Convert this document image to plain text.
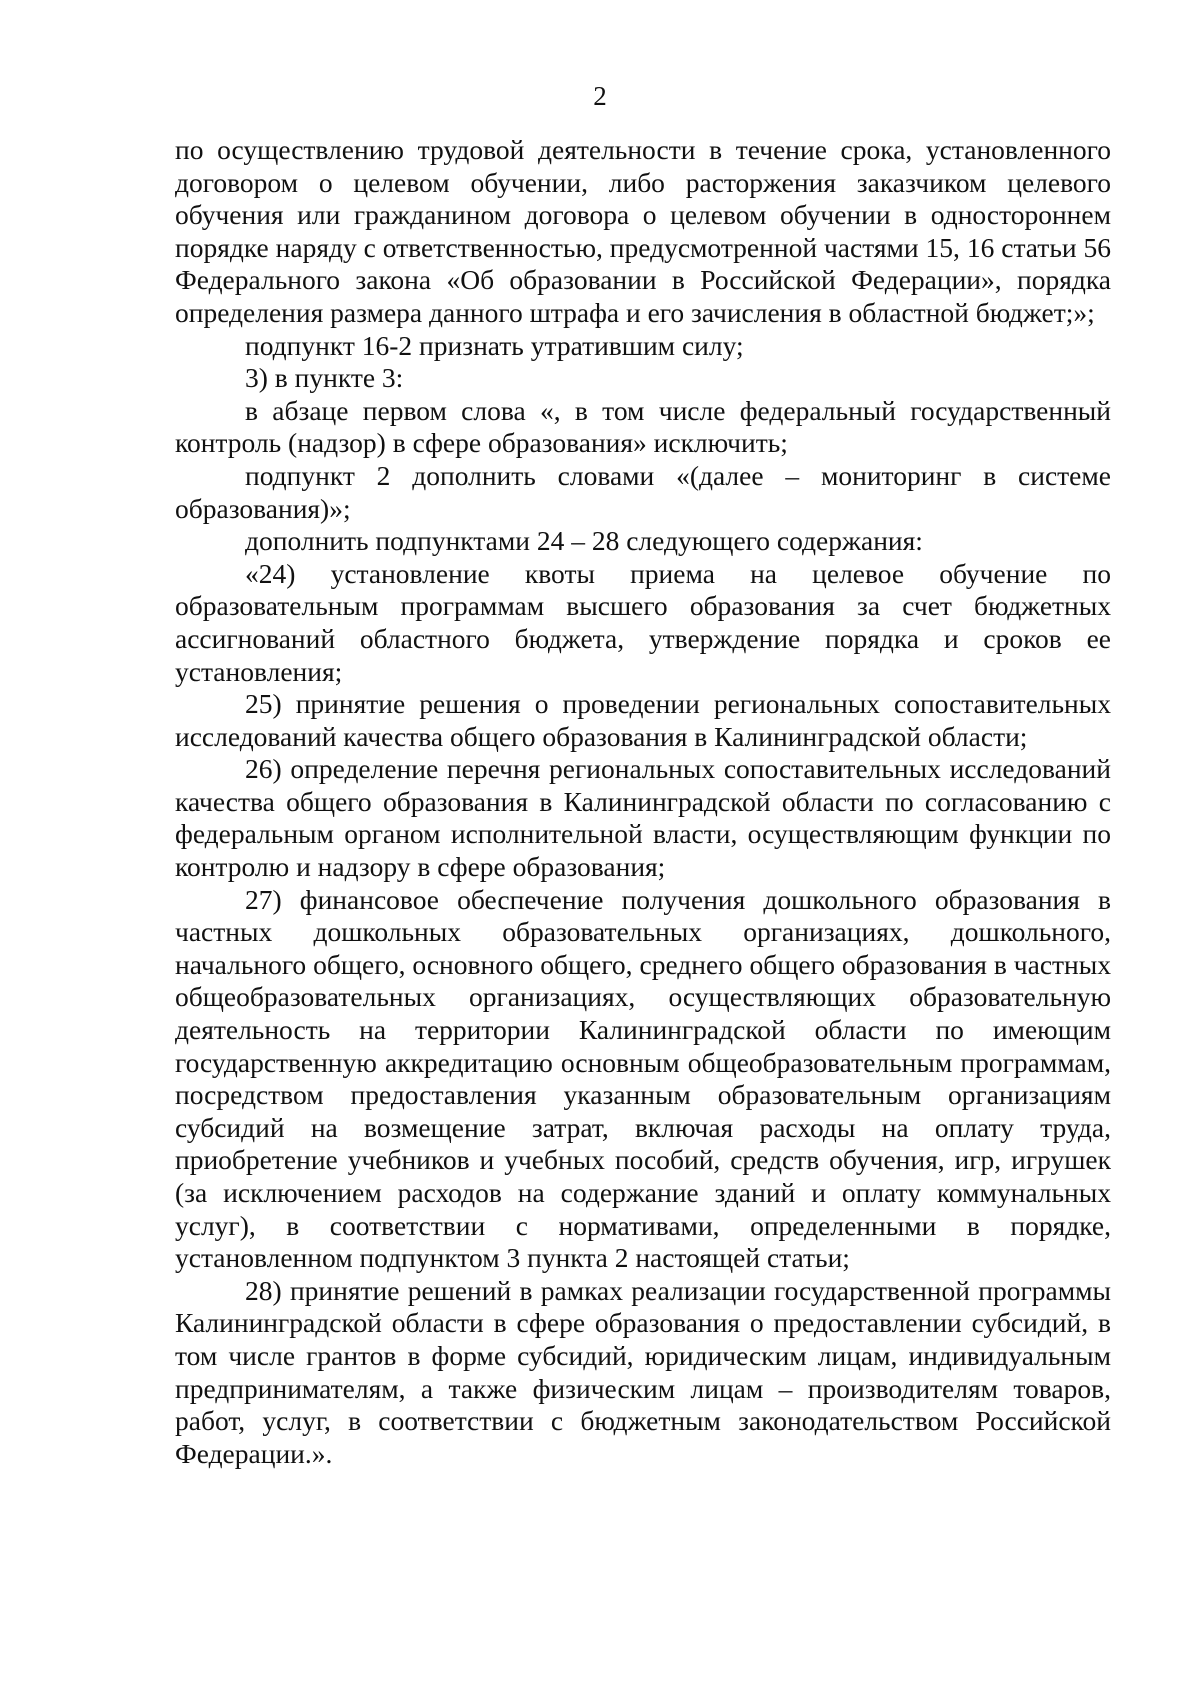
2

по осуществлению трудовой деятельности в течение срока, установленного договором о целевом обучении, либо расторжения заказчиком целевого обучения или гражданином договора о целевом обучении в одностороннем порядке наряду с ответственностью, предусмотренной частями 15, 16 статьи 56 Федерального закона «Об образовании в Российской Федерации», порядка определения размера данного штрафа и его зачисления в областной бюджет;»;

подпункт 16-2 признать утратившим силу;

3) в пункте 3:

в абзаце первом слова «, в том числе федеральный государственный контроль (надзор) в сфере образования» исключить;

подпункт 2 дополнить словами «(далее – мониторинг в системе образования)»;

дополнить подпунктами 24 – 28 следующего содержания:

«24) установление квоты приема на целевое обучение по образовательным программам высшего образования за счет бюджетных ассигнований областного бюджета, утверждение порядка и сроков ее установления;

25) принятие решения о проведении региональных сопоставительных исследований качества общего образования в Калининградской области;

26) определение перечня региональных сопоставительных исследований качества общего образования в Калининградской области по согласованию с федеральным органом исполнительной власти, осуществляющим функции по контролю и надзору в сфере образования;

27) финансовое обеспечение получения дошкольного образования в частных дошкольных образовательных организациях, дошкольного, начального общего, основного общего, среднего общего образования в частных общеобразовательных организациях, осуществляющих образовательную деятельность на территории Калининградской области по имеющим государственную аккредитацию основным общеобразовательным программам, посредством предоставления указанным образовательным организациям субсидий на возмещение затрат, включая расходы на оплату труда, приобретение учебников и учебных пособий, средств обучения, игр, игрушек (за исключением расходов на содержание зданий и оплату коммунальных услуг), в соответствии с нормативами, определенными в порядке, установленном подпунктом 3 пункта 2 настоящей статьи;

28) принятие решений в рамках реализации государственной программы Калининградской области в сфере образования о предоставлении субсидий, в том числе грантов в форме субсидий, юридическим лицам, индивидуальным предпринимателям, а также физическим лицам – производителям товаров, работ, услуг, в соответствии с бюджетным законодательством Российской Федерации.».
